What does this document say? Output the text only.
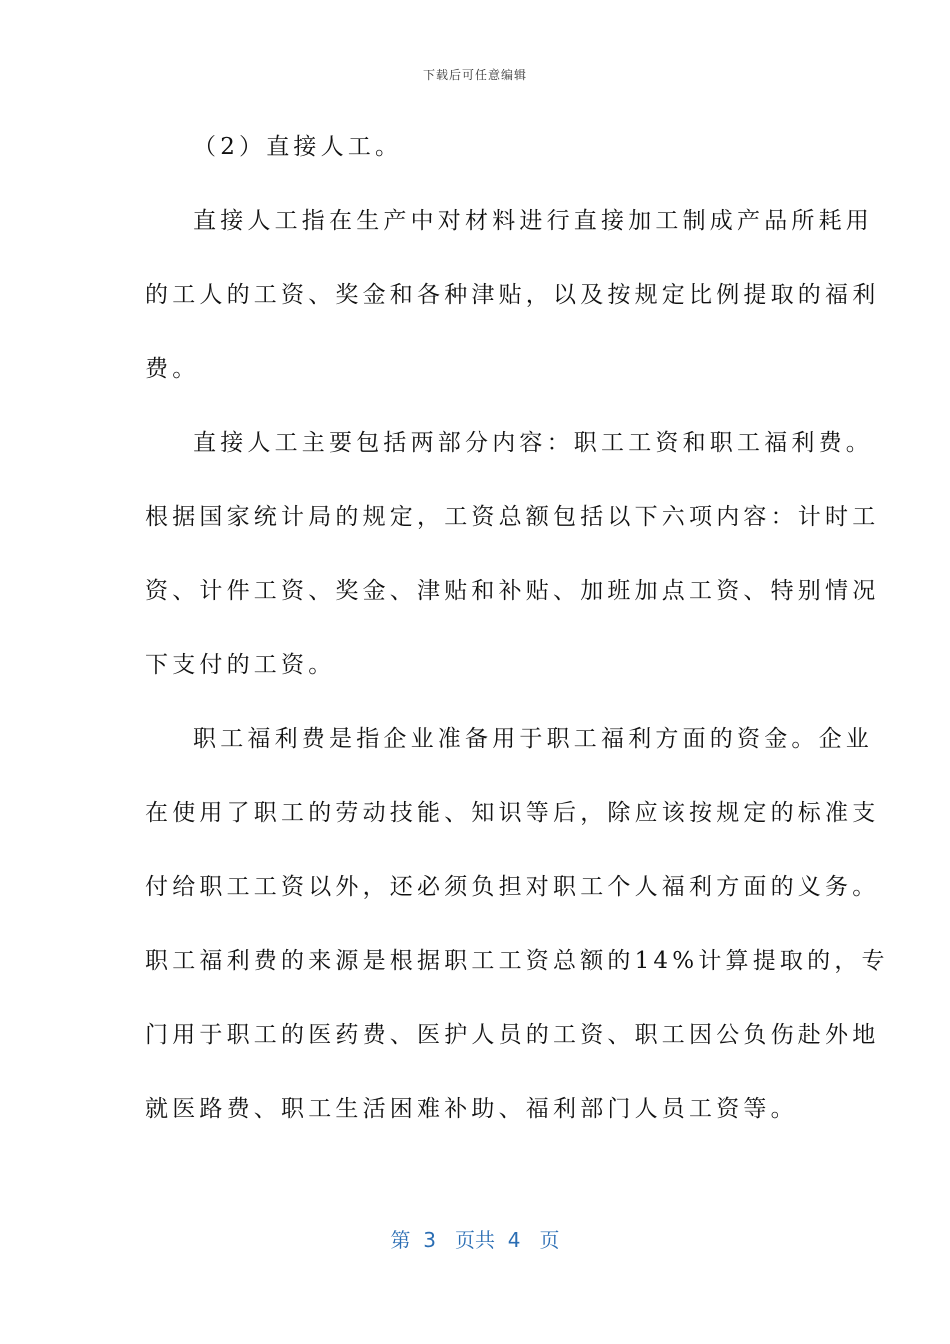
下载后可任意编辑
（2）直接人工。
直接人工指在生产中对材料进行直接加工制成产品所耗用
的工人的工资、奖金和各种津贴，以及按规定比例提取的福利
费。
直接人工主要包括两部分内容：职工工资和职工福利费。
根据国家统计局的规定，工资总额包括以下六项内容：计时工
资、计件工资、奖金、津贴和补贴、加班加点工资、特别情况
下支付的工资。
职工福利费是指企业准备用于职工福利方面的资金。企业
在使用了职工的劳动技能、知识等后，除应该按规定的标准支
付给职工工资以外，还必须负担对职工个人福利方面的义务。
职工福利费的来源是根据职工工资总额的14%计算提取的，专
门用于职工的医药费、医护人员的工资、职工因公负伤赴外地
就医路费、职工生活困难补助、福利部门人员工资等。
第  3   页共  4   页
